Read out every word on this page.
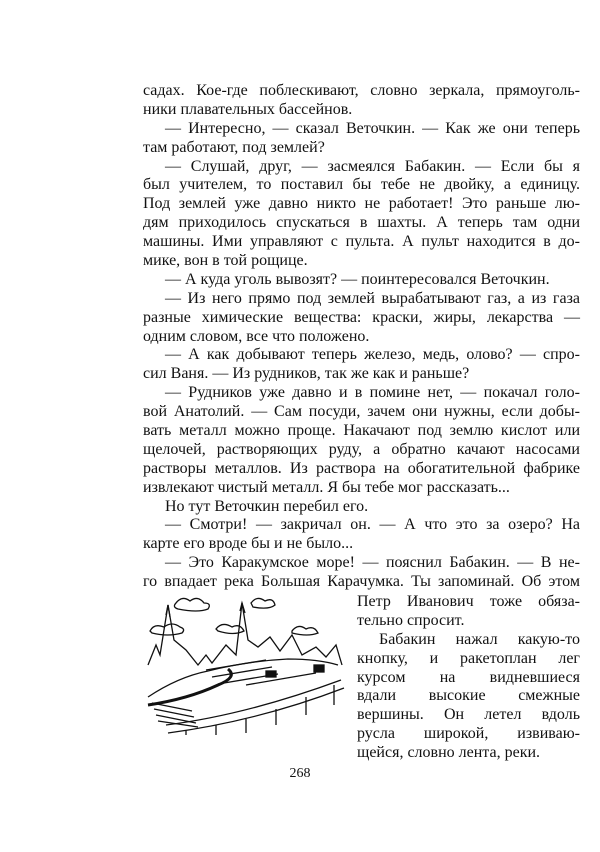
садах. Кое-где поблескивают, словно зеркала, прямоуголь-
ники плавательных бассейнов.
— Интересно, — сказал Веточкин. — Как же они теперь
там работают, под землей?
— Слушай, друг, — засмеялся Бабакин. — Если бы я
был учителем, то поставил бы тебе не двойку, а единицу.
Под землей уже давно никто не работает! Это раньше лю-
дям приходилось спускаться в шахты. А теперь там одни
машины. Ими управляют с пульта. А пульт находится в до-
мике, вон в той рощице.
— А куда уголь вывозят? — поинтересовался Веточкин.
— Из него прямо под землей вырабатывают газ, а из газа
разные химические вещества: краски, жиры, лекарства —
одним словом, все что положено.
— А как добывают теперь железо, медь, олово? — спро-
сил Ваня. — Из рудников, так же как и раньше?
— Рудников уже давно и в помине нет, — покачал голо-
вой Анатолий. — Сам посуди, зачем они нужны, если добы-
вать металл можно проще. Накачают под землю кислот или
щелочей, растворяющих руду, а обратно качают насосами
растворы металлов. Из раствора на обогатительной фабрике
извлекают чистый металл. Я бы тебе мог рассказать...
Но тут Веточкин перебил его.
— Смотри! — закричал он. — А что это за озеро? На
карте его вроде бы и не было...
— Это Каракумское море! — пояснил Бабакин. — В не-
го впадает река Большая Карачумка. Ты запоминай. Об этом
Петр Иванович тоже обяза-
тельно спросит.
Бабакин нажал какую-то
кнопку, и ракетоплан лег
курсом на видневшиеся
вдали высокие смежные
вершины. Он летел вдоль
русла широкой, извиваю-
щейся, словно лента, реки.
268
